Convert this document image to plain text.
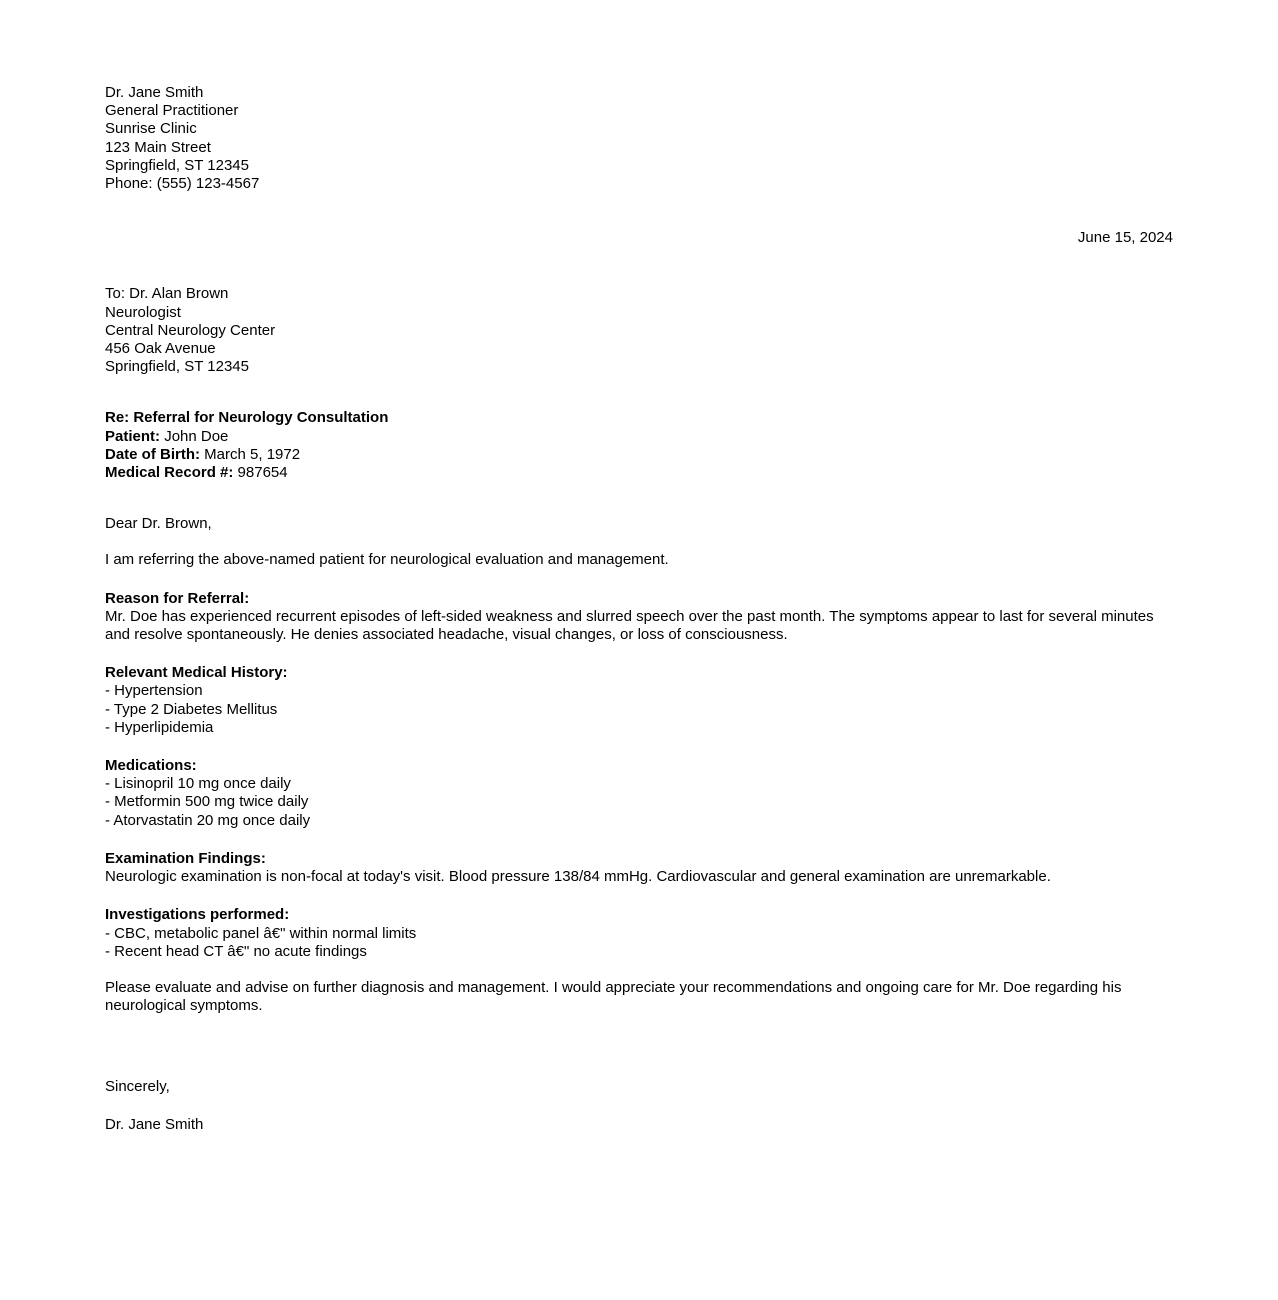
Dr. Jane Smith
General Practitioner
Sunrise Clinic
123 Main Street
Springfield, ST 12345
Phone: (555) 123-4567
June 15, 2024
To: Dr. Alan Brown
Neurologist
Central Neurology Center
456 Oak Avenue
Springfield, ST 12345
Re: Referral for Neurology Consultation
Patient: John Doe
Date of Birth: March 5, 1972
Medical Record #: 987654
Dear Dr. Brown,
I am referring the above-named patient for neurological evaluation and management.
Reason for Referral:
Mr. Doe has experienced recurrent episodes of left-sided weakness and slurred speech over the past month. The symptoms appear to last for several minutes and resolve spontaneously. He denies associated headache, visual changes, or loss of consciousness.
Relevant Medical History:
- Hypertension
- Type 2 Diabetes Mellitus
- Hyperlipidemia
Medications:
- Lisinopril 10 mg once daily
- Metformin 500 mg twice daily
- Atorvastatin 20 mg once daily
Examination Findings:
Neurologic examination is non-focal at today's visit. Blood pressure 138/84 mmHg. Cardiovascular and general examination are unremarkable.
Investigations performed:
- CBC, metabolic panel â€" within normal limits
- Recent head CT â€" no acute findings
Please evaluate and advise on further diagnosis and management. I would appreciate your recommendations and ongoing care for Mr. Doe regarding his neurological symptoms.
Sincerely,
Dr. Jane Smith
